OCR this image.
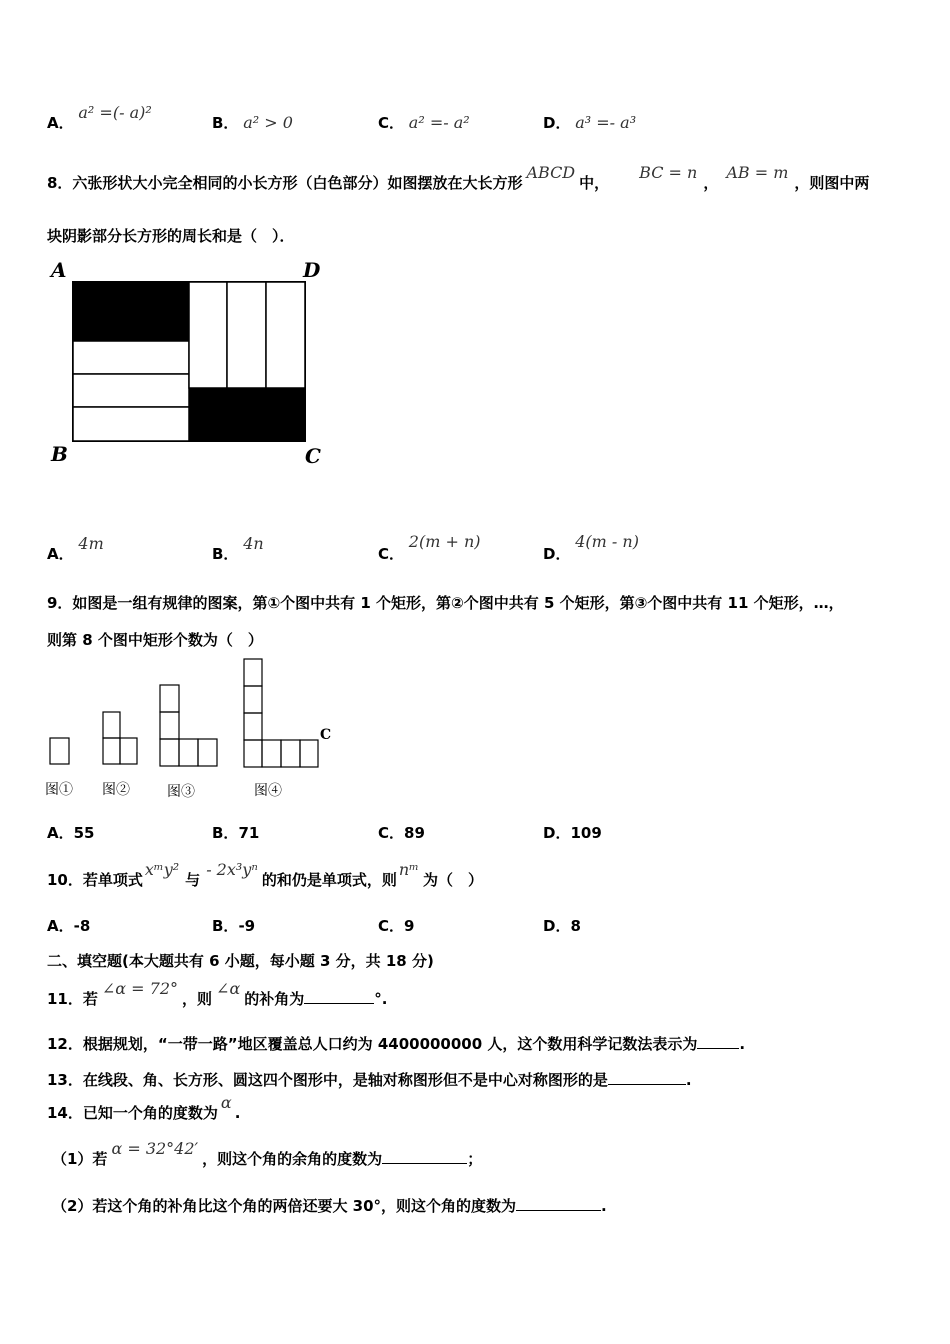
A． a² =(- a)²
B． a² > 0	C． a² =- a²	D． a³ =- a³
8．六张形状大小完全相同的小长方形（白色部分）如图摆放在大长方形ABCD中，BC = n，AB = m，则图中两
块阴影部分长方形的周长和是（　）．
A	D
B	C
A． 4m
B． 4n
C． 2(m + n)
D． 4(m - n)
9．如图是一组有规律的图案，第①个图中共有 1 个矩形，第②个图中共有 5 个矩形，第③个图中共有 11 个矩形，…，
则第 8 个图中矩形个数为（　）
C
图① 图②	图③	图④
A．55	B．71	C．89	D．109
10．若单项式xᵐy²与- 2x³yⁿ的和仍是单项式，则nᵐ为（　）
A．-8	B．-9	C．9	D．8
二、填空题(本大题共有 6 小题，每小题 3 分，共 18 分)
11．若∠α = 72°，则∠α的补角为	°.
12．根据规划，“一带一路”地区覆盖总人口约为 4400000000 人，这个数用科学记数法表示为	.
13．在线段、角、长方形、圆这四个图形中，是轴对称图形但不是中心对称图形的是	.
14．已知一个角的度数为α.
（1）若α = 32°42′，则这个角的余角的度数为	；
（2）若这个角的补角比这个角的两倍还要大 30°，则这个角的度数为	.
